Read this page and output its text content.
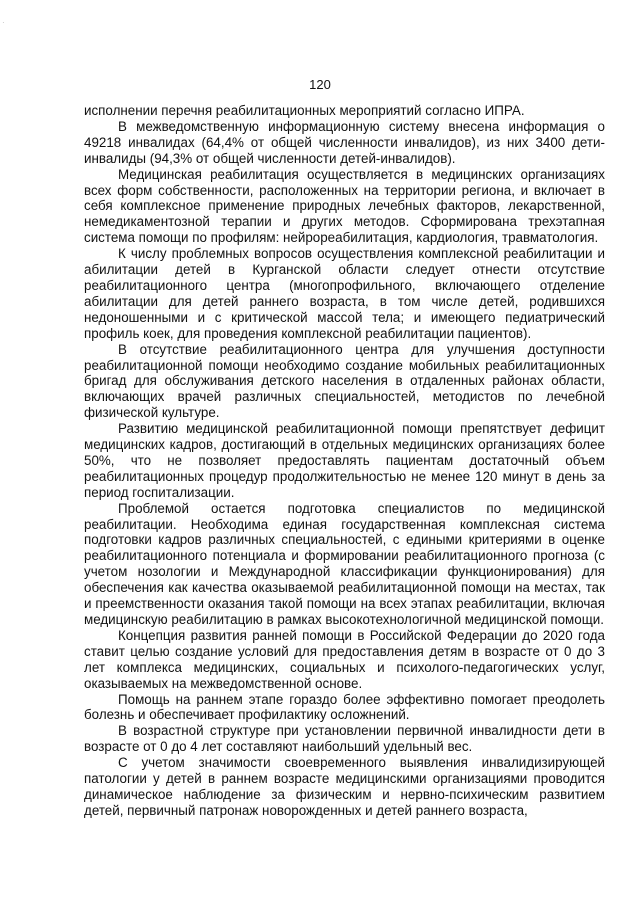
·
120

исполнении перечня реабилитационных мероприятий согласно ИПРА.

В межведомственную информационную систему внесена информация о 49218 инвалидах (64,4% от общей численности инвалидов), из них 3400 дети-инвалиды (94,3% от общей численности детей-инвалидов).

Медицинская реабилитация осуществляется в медицинских организациях всех форм собственности, расположенных на территории региона, и включает в себя комплексное применение природных лечебных факторов, лекарственной, немедикаментозной терапии и других методов. Сформирована трехэтапная система помощи по профилям: нейрореабилитация, кардиология, травматология.

К числу проблемных вопросов осуществления комплексной реабилитации и абилитации детей в Курганской области следует отнести отсутствие реабилитационного центра (многопрофильного, включающего отделение абилитации для детей раннего возраста, в том числе детей, родившихся недоношенными и с критической массой тела; и имеющего педиатрический профиль коек, для проведения комплексной реабилитации пациентов).

В отсутствие реабилитационного центра для улучшения доступности реабилитационной помощи необходимо создание мобильных реабилитационных бригад для обслуживания детского населения в отдаленных районах области, включающих врачей различных специальностей, методистов по лечебной физической культуре.

Развитию медицинской реабилитационной помощи препятствует дефицит медицинских кадров, достигающий в отдельных медицинских организациях более 50%, что не позволяет предоставлять пациентам достаточный объем реабилитационных процедур продолжительностью не менее 120 минут в день за период госпитализации.

Проблемой остается подготовка специалистов по медицинской реабилитации. Необходима единая государственная комплексная система подготовки кадров различных специальностей, с едиными критериями в оценке реабилитационного потенциала и формировании реабилитационного прогноза (с учетом нозологии и Международной классификации функционирования) для обеспечения как качества оказываемой реабилитационной помощи на местах, так и преемственности оказания такой помощи на всех этапах реабилитации, включая медицинскую реабилитацию в рамках высокотехнологичной медицинской помощи.

Концепция развития ранней помощи в Российской Федерации до 2020 года ставит целью создание условий для предоставления детям в возрасте от 0 до 3 лет комплекса медицинских, социальных и психолого-педагогических услуг, оказываемых на межведомственной основе.

Помощь на раннем этапе гораздо более эффективно помогает преодолеть болезнь и обеспечивает профилактику осложнений.

В возрастной структуре при установлении первичной инвалидности дети в возрасте от 0 до 4 лет составляют наибольший удельный вес.

С учетом значимости своевременного выявления инвалидизирующей патологии у детей в раннем возрасте медицинскими организациями проводится динамическое наблюдение за физическим и нервно-психическим развитием детей, первичный патронаж новорожденных и детей раннего возраста,
